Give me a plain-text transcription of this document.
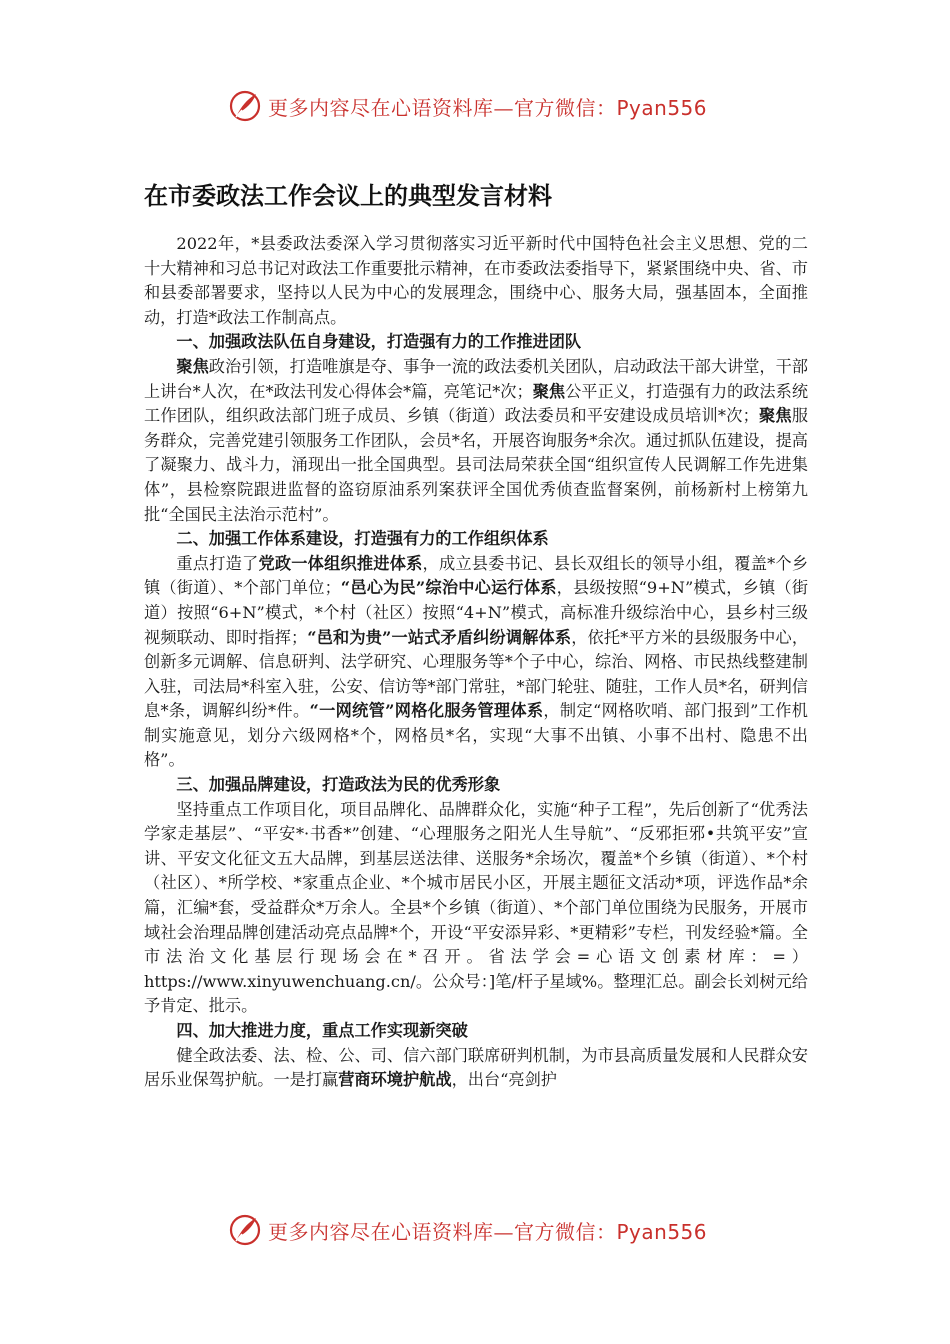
更多内容尽在心语资料库—官方微信：Pyan556
在市委政法工作会议上的典型发言材料

2022年，*县委政法委深入学习贯彻落实习近平新时代中国特色社会主义思想、党的二十大精神和习总书记对政法工作重要批示精神，在市委政法委指导下，紧紧围绕中央、省、市和县委部署要求，坚持以人民为中心的发展理念，围绕中心、服务大局，强基固本，全面推动，打造*政法工作制高点。

一、加强政法队伍自身建设，打造强有力的工作推进团队

聚焦政治引领，打造唯旗是夺、事争一流的政法委机关团队，启动政法干部大讲堂，干部上讲台*人次，在*政法刊发心得体会*篇，亮笔记*次；聚焦公平正义，打造强有力的政法系统工作团队，组织政法部门班子成员、乡镇（街道）政法委员和平安建设成员培训*次；聚焦服务群众，完善党建引领服务工作团队，会员*名，开展咨询服务*余次。通过抓队伍建设，提高了凝聚力、战斗力，涌现出一批全国典型。县司法局荣获全国“组织宣传人民调解工作先进集体”，县检察院跟进监督的盗窃原油系列案获评全国优秀侦查监督案例，前杨新村上榜第九批“全国民主法治示范村”。

二、加强工作体系建设，打造强有力的工作组织体系

重点打造了党政一体组织推进体系，成立县委书记、县长双组长的领导小组，覆盖*个乡镇（街道）、*个部门单位；“邑心为民”综治中心运行体系，县级按照“9+N”模式，乡镇（街道）按照“6+N”模式，*个村（社区）按照“4+N”模式，高标准升级综治中心，县乡村三级视频联动、即时指挥；“邑和为贵”一站式矛盾纠纷调解体系，依托*平方米的县级服务中心，创新多元调解、信息研判、法学研究、心理服务等*个子中心，综治、网格、市民热线整建制入驻，司法局*科室入驻，公安、信访等*部门常驻，*部门轮驻、随驻，工作人员*名，研判信息*条，调解纠纷*件。“一网统管”网格化服务管理体系，制定“网格吹哨、部门报到”工作机制实施意见，划分六级网格*个，网格员*名，实现“大事不出镇、小事不出村、隐患不出格”。

三、加强品牌建设，打造政法为民的优秀形象

坚持重点工作项目化，项目品牌化、品牌群众化，实施“种子工程”，先后创新了“优秀法学家走基层”、“平安*·书香*”创建、“心理服务之阳光人生导航”、“反邪拒邪•共筑平安”宣讲、平安文化征文五大品牌，到基层送法律、送服务*余场次，覆盖*个乡镇（街道）、*个村（社区）、*所学校、*家重点企业、*个城市居民小区，开展主题征文活动*项，评选作品*余篇，汇编*套，受益群众*万余人。全县*个乡镇（街道）、*个部门单位围绕为民服务，开展市域社会治理品牌创建活动亮点品牌*个，开设“平安添异彩、*更精彩”专栏，刊发经验*篇。全市法治文化基层行现场会在*召开。省法学会=心语文创素材库：=）https://www.xinyuwenchuang.cn/。公众号：]笔/杆子星域%。整理汇总。副会长刘树元给予肯定、批示。

四、加大推进力度，重点工作实现新突破

健全政法委、法、检、公、司、信六部门联席研判机制，为市县高质量发展和人民群众安居乐业保驾护航。一是打赢营商环境护航战，出台“亮剑护

更多内容尽在心语资料库—官方微信：Pyan556
